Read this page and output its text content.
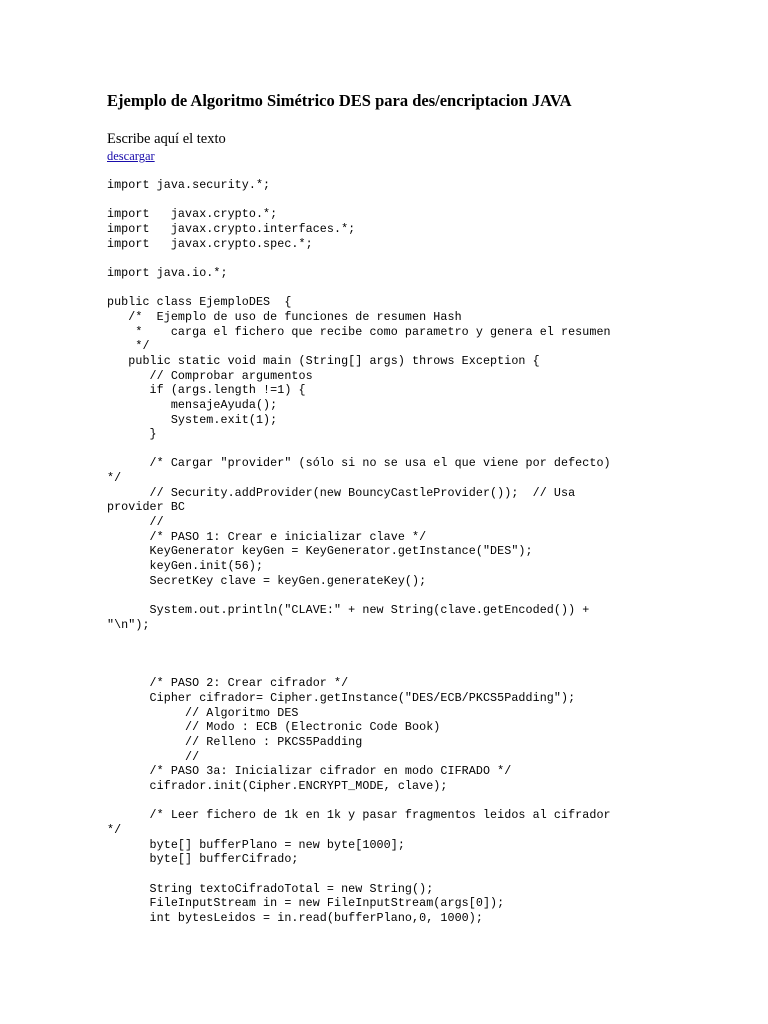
Ejemplo de Algoritmo Simétrico DES para des/encriptacion JAVA
Escribe aquí el texto
descargar
import java.security.*;

import   javax.crypto.*;
import   javax.crypto.interfaces.*;
import   javax.crypto.spec.*;

import java.io.*;

public class EjemploDES  {
/*  Ejemplo de uso de funciones de resumen Hash
*    carga el fichero que recibe como parametro y genera el resumen
*/
public static void main (String[] args) throws Exception {
// Comprobar argumentos
if (args.length !=1) {
mensajeAyuda();
System.exit(1);
}

/* Cargar "provider" (sólo si no se usa el que viene por defecto)
*/
// Security.addProvider(new BouncyCastleProvider());  // Usa
provider BC
//
/* PASO 1: Crear e inicializar clave */
KeyGenerator keyGen = KeyGenerator.getInstance("DES");
keyGen.init(56);
SecretKey clave = keyGen.generateKey();

System.out.println("CLAVE:" + new String(clave.getEncoded()) +
"\n");

/* PASO 2: Crear cifrador */
Cipher cifrador= Cipher.getInstance("DES/ECB/PKCS5Padding");
// Algoritmo DES
// Modo : ECB (Electronic Code Book)
// Relleno : PKCS5Padding
//
/* PASO 3a: Inicializar cifrador en modo CIFRADO */
cifrador.init(Cipher.ENCRYPT_MODE, clave);

/* Leer fichero de 1k en 1k y pasar fragmentos leidos al cifrador
*/
byte[] bufferPlano = new byte[1000];
byte[] bufferCifrado;

String textoCifradoTotal = new String();
FileInputStream in = new FileInputStream(args[0]);
int bytesLeidos = in.read(bufferPlano,0, 1000);
